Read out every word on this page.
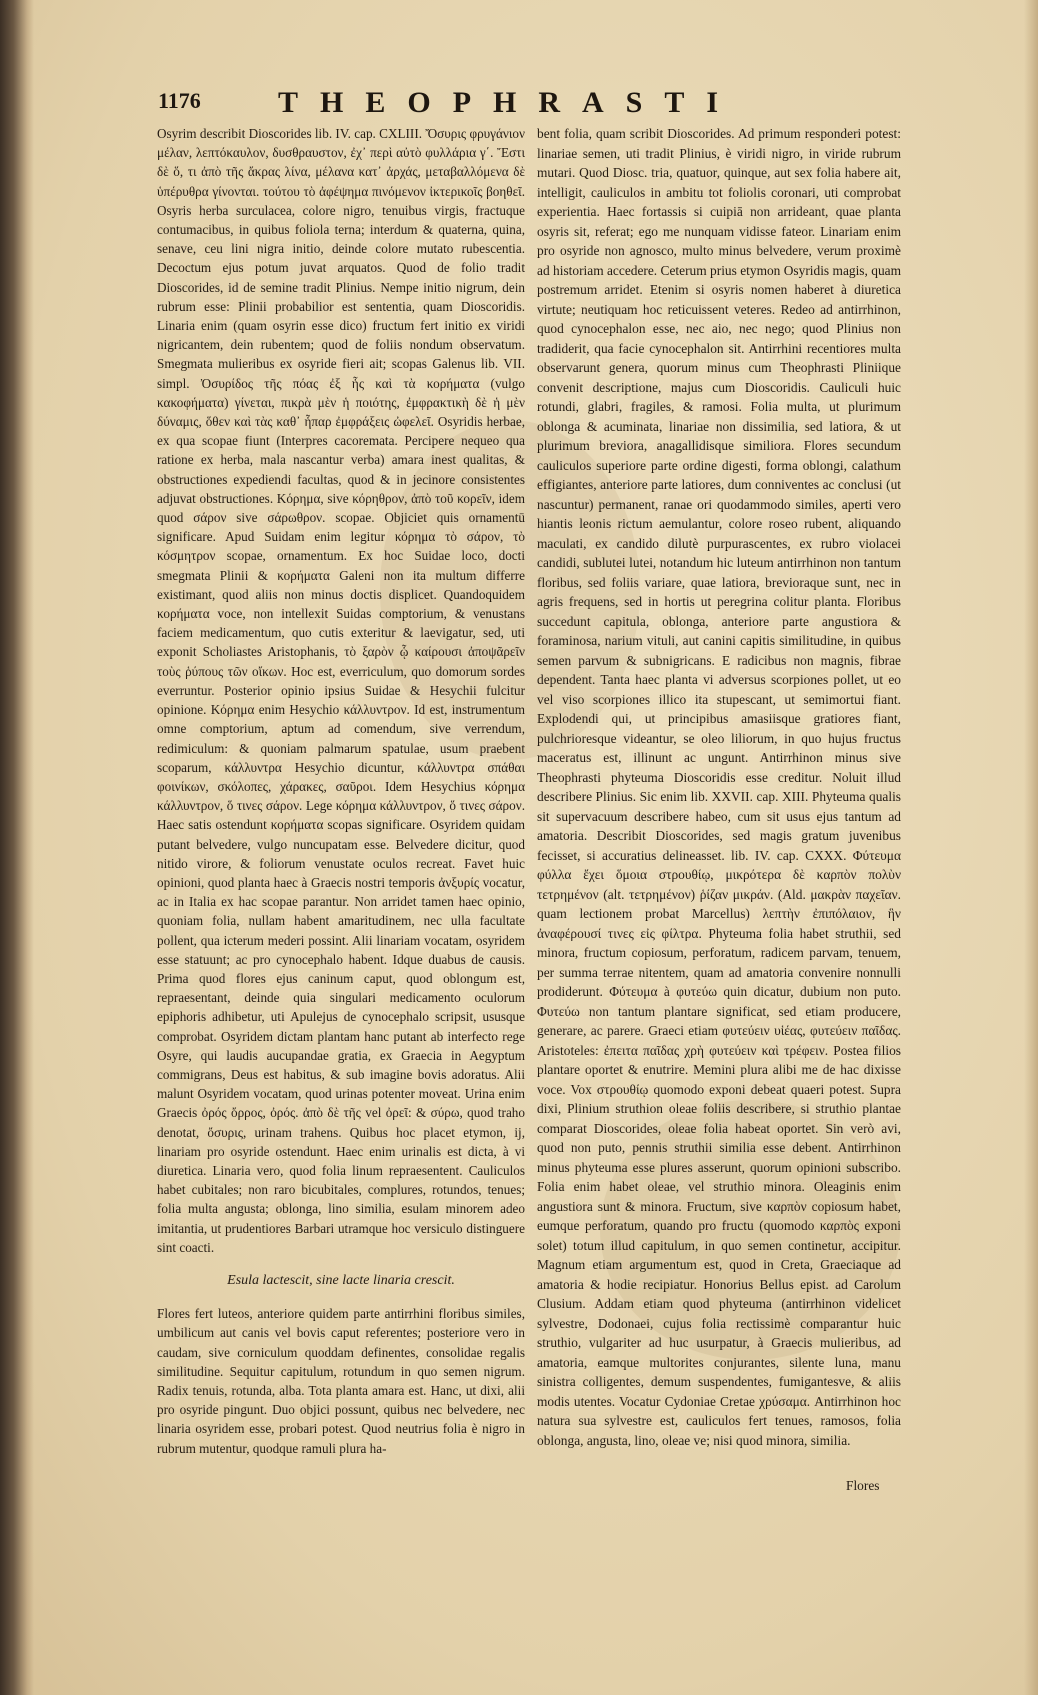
1176	THEOPHRASTI

Osyrim describit Dioscorides lib. IV. cap. CXLIII. Ὄσυρις φρυγάνιον μέλαν, λεπτόκαυλον, δυσθραυστον, ἐχ᾽ περὶ αὐτὸ φυλλάρια γ΄. Ἔστι δὲ ὅ, τι ἀπὸ τῆς ἄκρας λίνα, μέλανα κατ᾽ ἀρχάς, μεταβαλλόμενα δὲ ὑπέρυθρα γίνονται. τούτου τὸ ἀφέψημα πινόμενον ἰκτερικοῖς βοηθεῖ. Osyris herba surculacea, colore nigro, tenuibus virgis, fractuque contumacibus, in quibus foliola terna; interdum & quaterna, quina, senave, ceu lini nigra initio, deinde colore mutato rubescentia. Decoctum ejus potum juvat arquatos. Quod de folio tradit Dioscorides, id de semine tradit Plinius. Nempe initio nigrum, dein rubrum esse: Plinii probabilior est sententia, quam Dioscoridis. Linaria enim (quam osyrin esse dico) fructum fert initio ex viridi nigricantem, dein rubentem; quod de foliis nondum observatum. Smegmata mulieribus ex osyride fieri ait; scopas Galenus lib. VII. simpl. Ὀσυρίδος τῆς πόας ἐξ ἧς καὶ τὰ κορήματα (vulgo κακοφήματα) γίνεται, πικρὰ μὲν ἡ ποιότης, ἐμφρακτικὴ δὲ ἡ μὲν δύναμις, ὅθεν καὶ τὰς καθ᾽ ἧπαρ ἐμφράξεις ὠφελεῖ. Osyridis herbae, ex qua scopae fiunt (Interpres cacoremata. Percipere nequeo qua ratione ex herba, mala nascantur verba) amara inest qualitas, & obstructiones expediendi facultas, quod & in jecinore consistentes adjuvat obstructiones. Κόρημα, sive κόρηθρον, ἀπὸ τοῦ κορεῖν, idem quod σάρον sive σάρωθρον. scopae. Objiciet quis ornamentū significare. Apud Suidam enim legitur κόρημα τὸ σάρον, τὸ κόσμητρον scopae, ornamentum. Ex hoc Suidae loco, docti smegmata Plinii & κορήματα Galeni non ita multum differre existimant, quod aliis non minus doctis displicet. Quandoquidem κορήματα voce, non intellexit Suidas comptorium, & venustans faciem medicamentum, quo cutis exteritur & laevigatur, sed, uti exponit Scholiastes Aristophanis, τὸ ξαρὸν ᾧ καίρουσι ἀποψᾶρεῖν τοὺς ῥύπους τῶν οἴκων. Hoc est, everriculum, quo domorum sordes everruntur. Posterior opinio ipsius Suidae & Hesychii fulcitur opinione. Κόρημα enim Hesychio κάλλυντρον. Id est, instrumentum omne comptorium, aptum ad comendum, sive verrendum, redimiculum: & quoniam palmarum spatulae, usum praebent scoparum, κάλλυντρα Hesychio dicuntur, κάλλυντρα σπάθαι φοινίκων, σκόλοπες, χάρακες, σαῦροι. Idem Hesychius κόρημα κάλλυντρον, ὅ τινες σάρον. Lege κόρημα κάλλυντρον, ὅ τινες σάρον. Haec satis ostendunt κορήματα scopas significare. Osyridem quidam putant belvedere, vulgo nuncupatam esse. Belvedere dicitur, quod nitido virore, & foliorum venustate oculos recreat. Favet huic opinioni, quod planta haec à Graecis nostri temporis ἀνξυρίς vocatur, ac in Italia ex hac scopae parantur. Non arridet tamen haec opinio, quoniam folia, nullam habent amaritudinem, nec ulla facultate pollent, qua icterum mederi possint. Alii linariam vocatam, osyridem esse statuunt; ac pro cynocephalo habent. Idque duabus de causis. Prima quod flores ejus caninum caput, quod oblongum est, repraesentant, deinde quia singulari medicamento oculorum epiphoris adhibetur, uti Apulejus de cynocephalo scripsit, ususque comprobat. Osyridem dictam plantam hanc putant ab interfecto rege Osyre, qui laudis aucupandae gratia, ex Graecia in Aegyptum commigrans, Deus est habitus, & sub imagine bovis adoratus. Alii malunt Osyridem vocatam, quod urinas potenter moveat. Urina enim Graecis ὀρός ὄρρος, ὀρός. ἀπὸ δὲ τῆς vel ὀρεῖ: & σύρω, quod traho denotat, ὄσυρις, urinam trahens. Quibus hoc placet etymon, ij, linariam pro osyride ostendunt. Haec enim urinalis est dicta, à vi diuretica. Linaria vero, quod folia linum repraesentent. Cauliculos habet cubitales; non raro bicubitales, complures, rotundos, tenues; folia multa angusta; oblonga, lino similia, esulam minorem adeo imitantia, ut prudentiores Barbari utramque hoc versiculo distinguere sint coacti.

Esula lactescit, sine lacte linaria crescit.

Flores fert luteos, anteriore quidem parte antirrhini floribus similes, umbilicum aut canis vel bovis caput referentes; posteriore vero in caudam, sive corniculum quoddam definentes, consolidae regalis similitudine. Sequitur capitulum, rotundum in quo semen nigrum. Radix tenuis, rotunda, alba. Tota planta amara est. Hanc, ut dixi, alii pro osyride pingunt. Duo objici possunt, quibus nec belvedere, nec linaria osyridem esse, probari potest. Quod neutrius folia è nigro in rubrum mutentur, quodque ramuli plura ha-

bent folia, quam scribit Dioscorides. Ad primum responderi potest: linariae semen, uti tradit Plinius, è viridi nigro, in viride rubrum mutari. Quod Diosc. tria, quatuor, quinque, aut sex folia habere ait, intelligit, cauliculos in ambitu tot foliolis coronari, uti comprobat experientia. Haec fortassis si cuipiā non arrideant, quae planta osyris sit, referat; ego me nunquam vidisse fateor. Linariam enim pro osyride non agnosco, multo minus belvedere, verum proximè ad historiam accedere. Ceterum prius etymon Osyridis magis, quam postremum arridet. Etenim si osyris nomen haberet à diuretica virtute; neutiquam hoc reticuissent veteres. Redeo ad antirrhinon, quod cynocephalon esse, nec aio, nec nego; quod Plinius non tradiderit, qua facie cynocephalon sit. Antirrhini recentiores multa observarunt genera, quorum minus cum Theophrasti Pliniique convenit descriptione, majus cum Dioscoridis. Cauliculi huic rotundi, glabri, fragiles, & ramosi. Folia multa, ut plurimum oblonga & acuminata, linariae non dissimilia, sed latiora, & ut plurimum breviora, anagallidisque similiora. Flores secundum cauliculos superiore parte ordine digesti, forma oblongi, calathum effigiantes, anteriore parte latiores, dum conniventes ac conclusi (ut nascuntur) permanent, ranae ori quodammodo similes, aperti vero hiantis leonis rictum aemulantur, colore roseo rubent, aliquando maculati, ex candido dilutè purpurascentes, ex rubro violacei candidi, sublutei lutei, notandum hic luteum antirrhinon non tantum floribus, sed foliis variare, quae latiora, brevioraque sunt, nec in agris frequens, sed in hortis ut peregrina colitur planta. Floribus succedunt capitula, oblonga, anteriore parte angustiora & foraminosa, narium vituli, aut canini capitis similitudine, in quibus semen parvum & subnigricans. E radicibus non magnis, fibrae dependent. Tanta haec planta vi adversus scorpiones pollet, ut eo vel viso scorpiones illico ita stupescant, ut semimortui fiant. Explodendi qui, ut principibus amasiisque gratiores fiant, pulchrioresque videantur, se oleo liliorum, in quo hujus fructus maceratus est, illinunt ac ungunt. Antirrhinon minus sive Theophrasti phyteuma Dioscoridis esse creditur. Noluit illud describere Plinius. Sic enim lib. XXVII. cap. XIII. Phyteuma qualis sit supervacuum describere habeo, cum sit usus ejus tantum ad amatoria. Describit Dioscorides, sed magis gratum juvenibus fecisset, si accuratius delineasset. lib. IV. cap. CXXX. Φύτευμα φύλλα ἔχει ὅμοια στρουθίῳ, μικρότερα δὲ καρπὸν πολὺν τετρημένον (alt. τετρημένον) ῥίζαν μικράν. (Ald. μακρὰν παχεῖαν. quam lectionem probat Marcellus) λεπτὴν ἐπιπόλαιον, ἣν ἀναφέρουσί τινες εἰς φίλτρα. Phyteuma folia habet struthii, sed minora, fructum copiosum, perforatum, radicem parvam, tenuem, per summa terrae nitentem, quam ad amatoria convenire nonnulli prodiderunt. Φύτευμα à φυτεύω quin dicatur, dubium non puto. Φυτεύω non tantum plantare significat, sed etiam producere, generare, ac parere. Graeci etiam φυτεύειν υἱέας, φυτεύειν παῖδας. Aristoteles: ἐπειτα παῖδας χρὴ φυτεύειν καὶ τρέφειν. Postea filios plantare oportet & enutrire. Memini plura alibi me de hac dixisse voce. Vox στρουθίῳ quomodo exponi debeat quaeri potest. Supra dixi, Plinium struthion oleae foliis describere, si struthio plantae comparat Dioscorides, oleae folia habeat oportet. Sin verò avi, quod non puto, pennis struthii similia esse debent. Antirrhinon minus phyteuma esse plures asserunt, quorum opinioni subscribo. Folia enim habet oleae, vel struthio minora. Oleaginis enim angustiora sunt & minora. Fructum, sive καρπὸν copiosum habet, eumque perforatum, quando pro fructu (quomodo καρπὸς exponi solet) totum illud capitulum, in quo semen continetur, accipitur. Magnum etiam argumentum est, quod in Creta, Graeciaque ad amatoria & hodie recipiatur. Honorius Bellus epist. ad Carolum Clusium. Addam etiam quod phyteuma (antirrhinon videlicet sylvestre, Dodonaei, cujus folia rectissimè comparantur huic struthio, vulgariter ad huc usurpatur, à Graecis mulieribus, ad amatoria, eamque multorites conjurantes, silente luna, manu sinistra colligentes, demum suspendentes, fumigantesve, & aliis modis utentes. Vocatur Cydoniae Cretae χρύσαμα. Antirrhinon hoc natura sua sylvestre est, cauliculos fert tenues, ramosos, folia oblonga, angusta, lino, oleae ve; nisi quod minora, similia.

Flores
